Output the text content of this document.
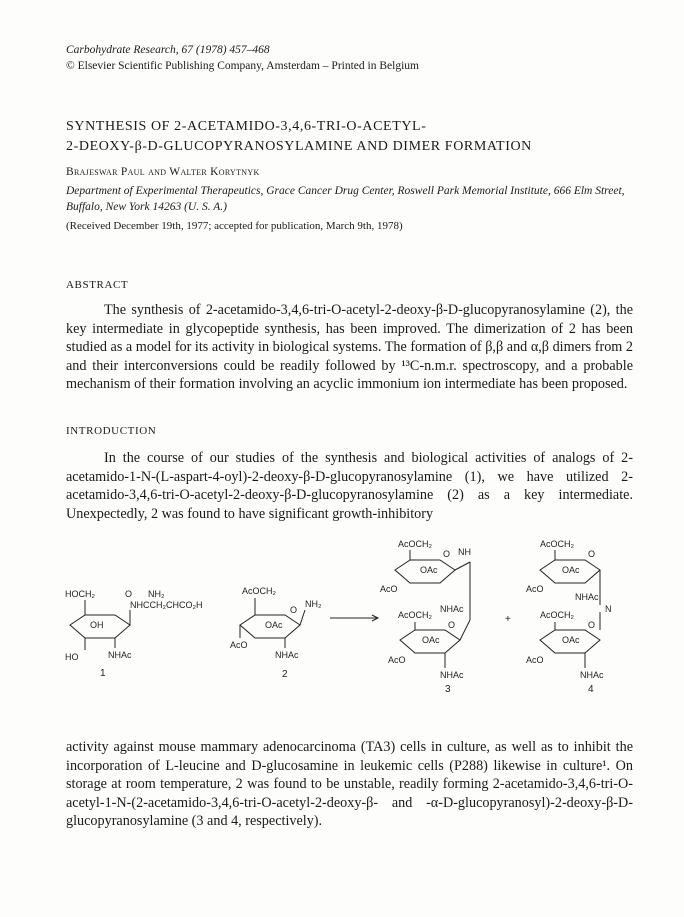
Carbohydrate Research, 67 (1978) 457–468
© Elsevier Scientific Publishing Company, Amsterdam – Printed in Belgium
SYNTHESIS OF 2-ACETAMIDO-3,4,6-TRI-O-ACETYL-
2-DEOXY-β-D-GLUCOPYRANOSYLAMINE AND DIMER FORMATION
Brajeswar Paul and Walter Korytnyk
Department of Experimental Therapeutics, Grace Cancer Drug Center, Roswell Park Memorial Institute, 666 Elm Street, Buffalo, New York 14263 (U. S. A.)
(Received December 19th, 1977; accepted for publication, March 9th, 1978)
ABSTRACT
The synthesis of 2-acetamido-3,4,6-tri-O-acetyl-2-deoxy-β-D-glucopyranosylamine (2), the key intermediate in glycopeptide synthesis, has been improved. The dimerization of 2 has been studied as a model for its activity in biological systems. The formation of β,β and α,β dimers from 2 and their interconversions could be readily followed by ¹³C-n.m.r. spectroscopy, and a probable mechanism of their formation involving an acyclic immonium ion intermediate has been proposed.
INTRODUCTION
In the course of our studies of the synthesis and biological activities of analogs of 2-acetamido-1-N-(L-aspart-4-oyl)-2-deoxy-β-D-glucopyranosylamine (1), we have utilized 2-acetamido-3,4,6-tri-O-acetyl-2-deoxy-β-D-glucopyranosylamine (2) as a key intermediate. Unexpectedly, 2 was found to have significant growth-inhibitory
HOCH₂	O NH₂
NHCCH₂CHCO₂H
OH
HO	NHAc
1
AcOCH₂
O
NH₂
OAc
AcO
NHAc
2
AcOCH₂
O NH
OAc
AcO
NHAc
AcOCH₂
O
OAc
AcO
NHAc
3
+
AcOCH₂
O
OAc
AcO
NHAc
N
AcOCH₂
O
OAc
AcO
NHAc
4
activity against mouse mammary adenocarcinoma (TA3) cells in culture, as well as to inhibit the incorporation of L-leucine and D-glucosamine in leukemic cells (P288) likewise in culture¹. On storage at room temperature, 2 was found to be unstable, readily forming 2-acetamido-3,4,6-tri-O-acetyl-1-N-(2-acetamido-3,4,6-tri-O-acetyl-2-deoxy-β- and -α-D-glucopyranosyl)-2-deoxy-β-D-glucopyranosylamine (3 and 4, respectively).
